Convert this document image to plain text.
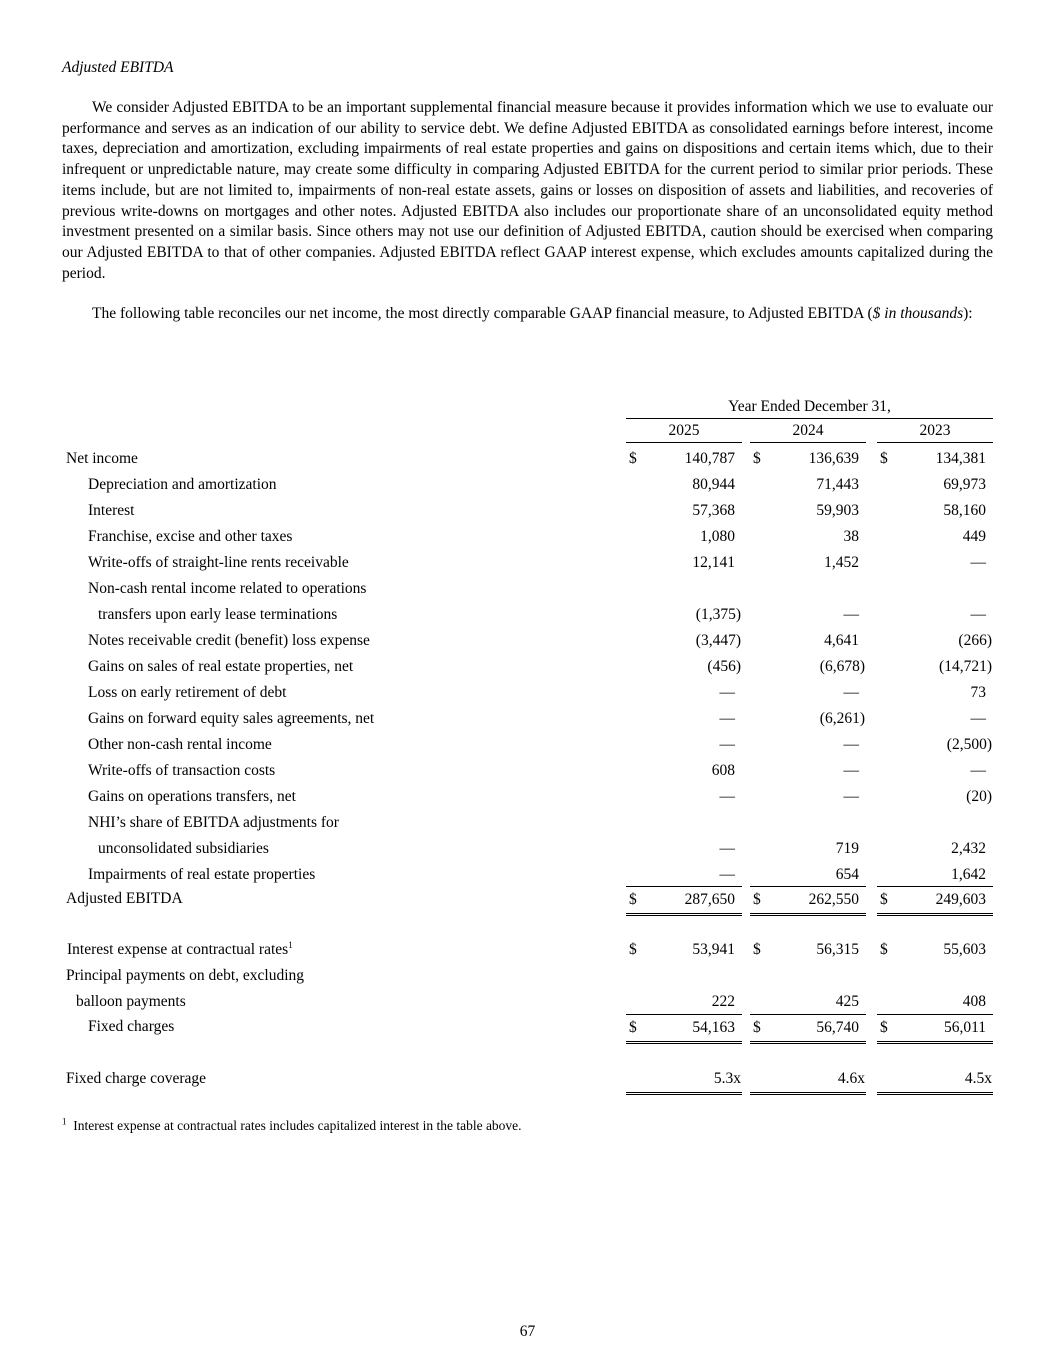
Adjusted EBITDA

We consider Adjusted EBITDA to be an important supplemental financial measure because it provides information which we use to evaluate our performance and serves as an indication of our ability to service debt. We define Adjusted EBITDA as consolidated earnings before interest, income taxes, depreciation and amortization, excluding impairments of real estate properties and gains on dispositions and certain items which, due to their infrequent or unpredictable nature, may create some difficulty in comparing Adjusted EBITDA for the current period to similar prior periods. These items include, but are not limited to, impairments of non-real estate assets, gains or losses on disposition of assets and liabilities, and recoveries of previous write-downs on mortgages and other notes. Adjusted EBITDA also includes our proportionate share of an unconsolidated equity method investment presented on a similar basis. Since others may not use our definition of Adjusted EBITDA, caution should be exercised when comparing our Adjusted EBITDA to that of other companies. Adjusted EBITDA reflect GAAP interest expense, which excludes amounts capitalized during the period.

The following table reconciles our net income, the most directly comparable GAAP financial measure, to Adjusted EBITDA ($ in thousands):

Year Ended December 31,
2025	2024	2023
Net income	$	140,787 $	136,639 $	134,381
Depreciation and amortization	80,944	71,443	69,973
Interest	57,368	59,903	58,160
Franchise, excise and other taxes	1,080	38	449
Write-offs of straight-line rents receivable	12,141	1,452	—
Non-cash rental income related to operations
transfers upon early lease terminations	(1,375)	—	—
Notes receivable credit (benefit) loss expense	(3,447)	4,641	(266)
Gains on sales of real estate properties, net	(456)	(6,678)	(14,721)
Loss on early retirement of debt	—	—	73
Gains on forward equity sales agreements, net	—	(6,261)	—
Other non-cash rental income	—	—	(2,500)
Write-offs of transaction costs	608	—	—
Gains on operations transfers, net	—	—	(20)
NHI’s share of EBITDA adjustments for
unconsolidated subsidiaries	—	719	2,432
Impairments of real estate properties	—	654	1,642
Adjusted EBITDA	$	287,650 $	262,550 $	249,603
Interest expense at contractual rates$^1$	$	53,941 $	56,315 $	55,603
Principal payments on debt, excluding
balloon payments	222	425	408
Fixed charges	$	54,163 $	56,740 $	56,011
Fixed charge coverage	5.3x	4.6x	4.5x
$^1$ Interest expense at contractual rates includes capitalized interest in the table above.
67
